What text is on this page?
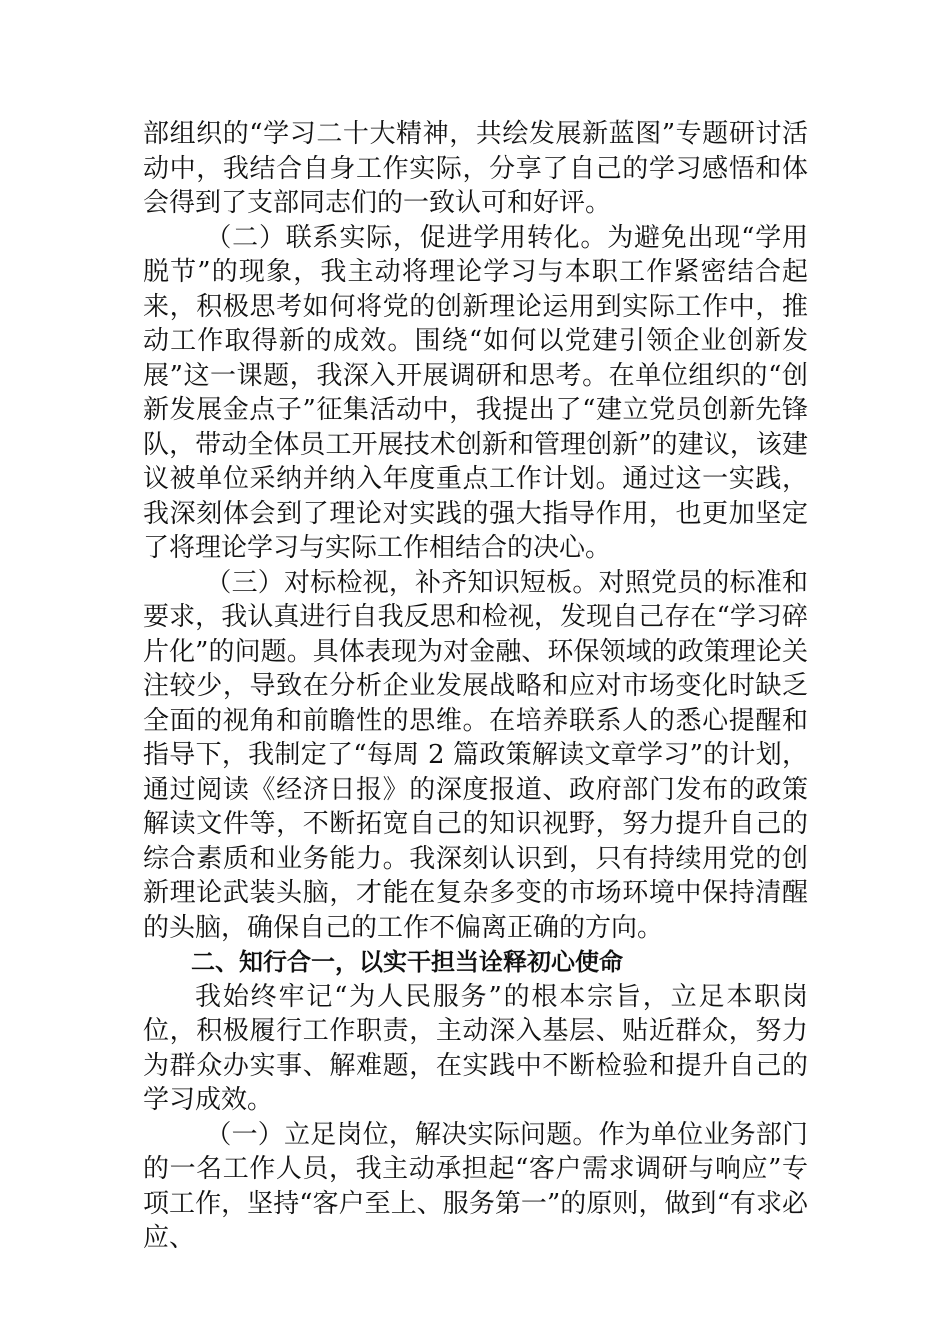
部组织的“学习二十大精神，共绘发展新蓝图”专题研讨活动中，我结合自身工作实际，分享了自己的学习感悟和体会得到了支部同志们的一致认可和好评。

（二）联系实际，促进学用转化。为避免出现“学用脱节”的现象，我主动将理论学习与本职工作紧密结合起来，积极思考如何将党的创新理论运用到实际工作中，推动工作取得新的成效。围绕“如何以党建引领企业创新发展”这一课题，我深入开展调研和思考。在单位组织的“创新发展金点子”征集活动中，我提出了“建立党员创新先锋队，带动全体员工开展技术创新和管理创新”的建议，该建议被单位采纳并纳入年度重点工作计划。通过这一实践，我深刻体会到了理论对实践的强大指导作用，也更加坚定了将理论学习与实际工作相结合的决心。

（三）对标检视，补齐知识短板。对照党员的标准和要求，我认真进行自我反思和检视，发现自己存在“学习碎片化”的问题。具体表现为对金融、环保领域的政策理论关注较少，导致在分析企业发展战略和应对市场变化时缺乏全面的视角和前瞻性的思维。在培养联系人的悉心提醒和指导下，我制定了“每周 2 篇政策解读文章学习”的计划，通过阅读《经济日报》的深度报道、政府部门发布的政策解读文件等，不断拓宽自己的知识视野，努力提升自己的综合素质和业务能力。我深刻认识到，只有持续用党的创新理论武装头脑，才能在复杂多变的市场环境中保持清醒的头脑，确保自己的工作不偏离正确的方向。

二、知行合一，以实干担当诠释初心使命

我始终牢记“为人民服务”的根本宗旨，立足本职岗位，积极履行工作职责，主动深入基层、贴近群众，努力为群众办实事、解难题，在实践中不断检验和提升自己的学习成效。

（一）立足岗位，解决实际问题。作为单位业务部门的一名工作人员，我主动承担起“客户需求调研与响应”专项工作，坚持“客户至上、服务第一”的原则，做到“有求必应、
